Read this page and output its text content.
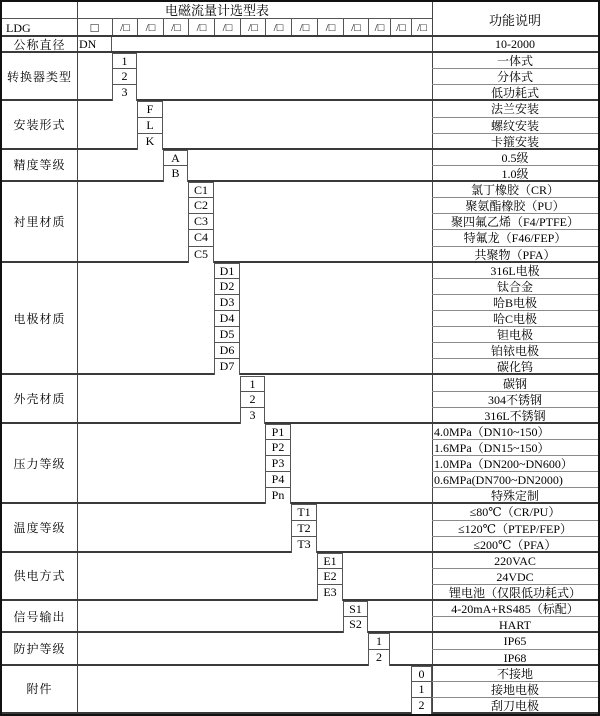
电磁流量计选型表
功能说明
LDG	□	/□	/□	/□	/□	/□	/□	/□	/□	/□	/□	/□	/□	/□
公称直径	DN	10-2000
转换器类型
1	一体式
2	分体式
3	低功耗式
安装形式
F	法兰安装
L	螺纹安装
K	卡箍安装
精度等级
A	0.5级
B	1.0级
衬里材质
C1	氯丁橡胶（CR）
C2	聚氨酯橡胶（PU）
C3	聚四氟乙烯（F4/PTFE）
C4	特氟龙（F46/FEP）
C5	共聚物（PFA）
电极材质
D1	316L电极
D2	钛合金
D3	哈B电极
D4	哈C电极
D5	钽电极
D6	铂铱电极
D7	碳化钨
外壳材质
1	碳钢
2	304不锈钢
3	316L不锈钢
压力等级
P1	4.0MPa（DN10~150）
P2	1.6MPa（DN15~150）
P3	1.0MPa（DN200~DN600）
P4	0.6MPa(DN700~DN2000)
Pn	特殊定制
温度等级
T1	≤80℃（CR/PU）
T2	≤120℃（PTEP/FEP）
T3	≤200℃（PFA）
供电方式
E1	220VAC
E2	24VDC
E3	锂电池（仅限低功耗式）
信号输出
S1	4-20mA+RS485（标配）
S2	HART
防护等级
1	IP65
2	IP68
附件
0	不接地
1	接地电极
2	刮刀电极
